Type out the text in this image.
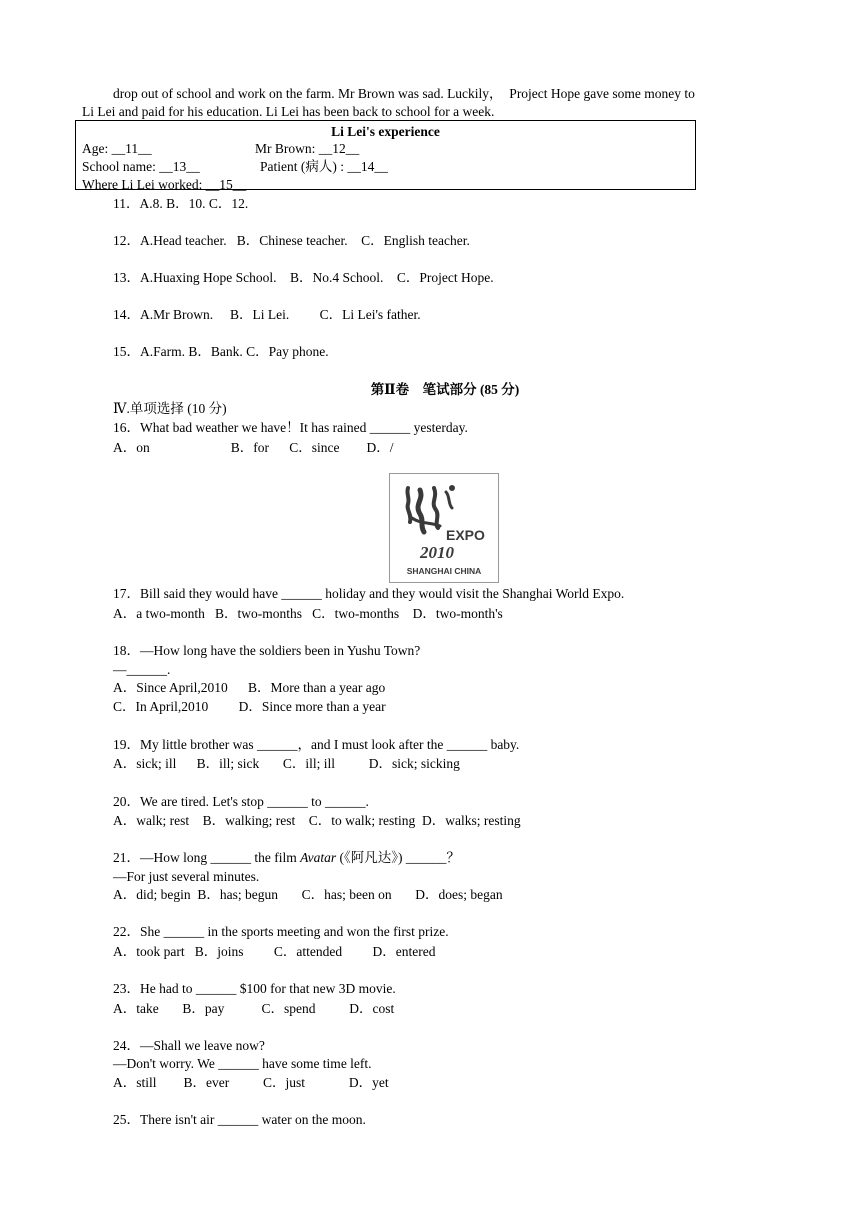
drop out of school and work on the farm. Mr Brown was sad. Luckily，  Project Hope gave some money to
Li Lei and paid for his education. Li Lei has been back to school for a week.
Li Lei's experience
Age: __11__	Mr Brown: __12__
School name: __13__	Patient (病人) : __14__
Where Li Lei worked: __15__
11．A.8. B．10. C．12.
12．A.Head teacher.   B．Chinese teacher.    C．English teacher.
13．A.Huaxing Hope School.    B．No.4 School.    C．Project Hope.
14．A.Mr Brown.     B．Li Lei.         C．Li Lei's father.
15．A.Farm. B．Bank. C．Pay phone.
第Ⅱ卷　笔试部分 (85 分)
Ⅳ.单项选择 (10 分)
16．What bad weather we have！It has rained ______ yesterday.
A．on                        B．for      C．since        D．/
EXPO
2010
SHANGHAI CHINA
17．Bill said they would have ______ holiday and they would visit the Shanghai World Expo.
A．a two-month   B．two-months   C．two-months    D．two-month's
18．—How long have the soldiers been in Yushu Town?
—______.
A．Since April,2010      B．More than a year ago
C．In April,2010         D．Since more than a year
19．My little brother was ______，and I must look after the ______ baby.
A．sick; ill      B．ill; sick       C．ill; ill          D．sick; sicking
20．We are tired. Let's stop ______ to ______.
A．walk; rest    B．walking; rest    C．to walk; resting  D．walks; resting
21．—How long ______ the film Avatar (《阿凡达》) ______？
—For just several minutes.
A．did; begin  B．has; begun       C．has; been on       D．does; began
22．She ______ in the sports meeting and won the first prize.
A．took part   B．joins         C．attended         D．entered
23．He had to ______ $100 for that new 3D movie.
A．take       B．pay           C．spend          D．cost
24．—Shall we leave now?
—Don't worry. We ______ have some time left.
A．still        B．ever          C．just             D．yet
25．There isn't air ______ water on the moon.
